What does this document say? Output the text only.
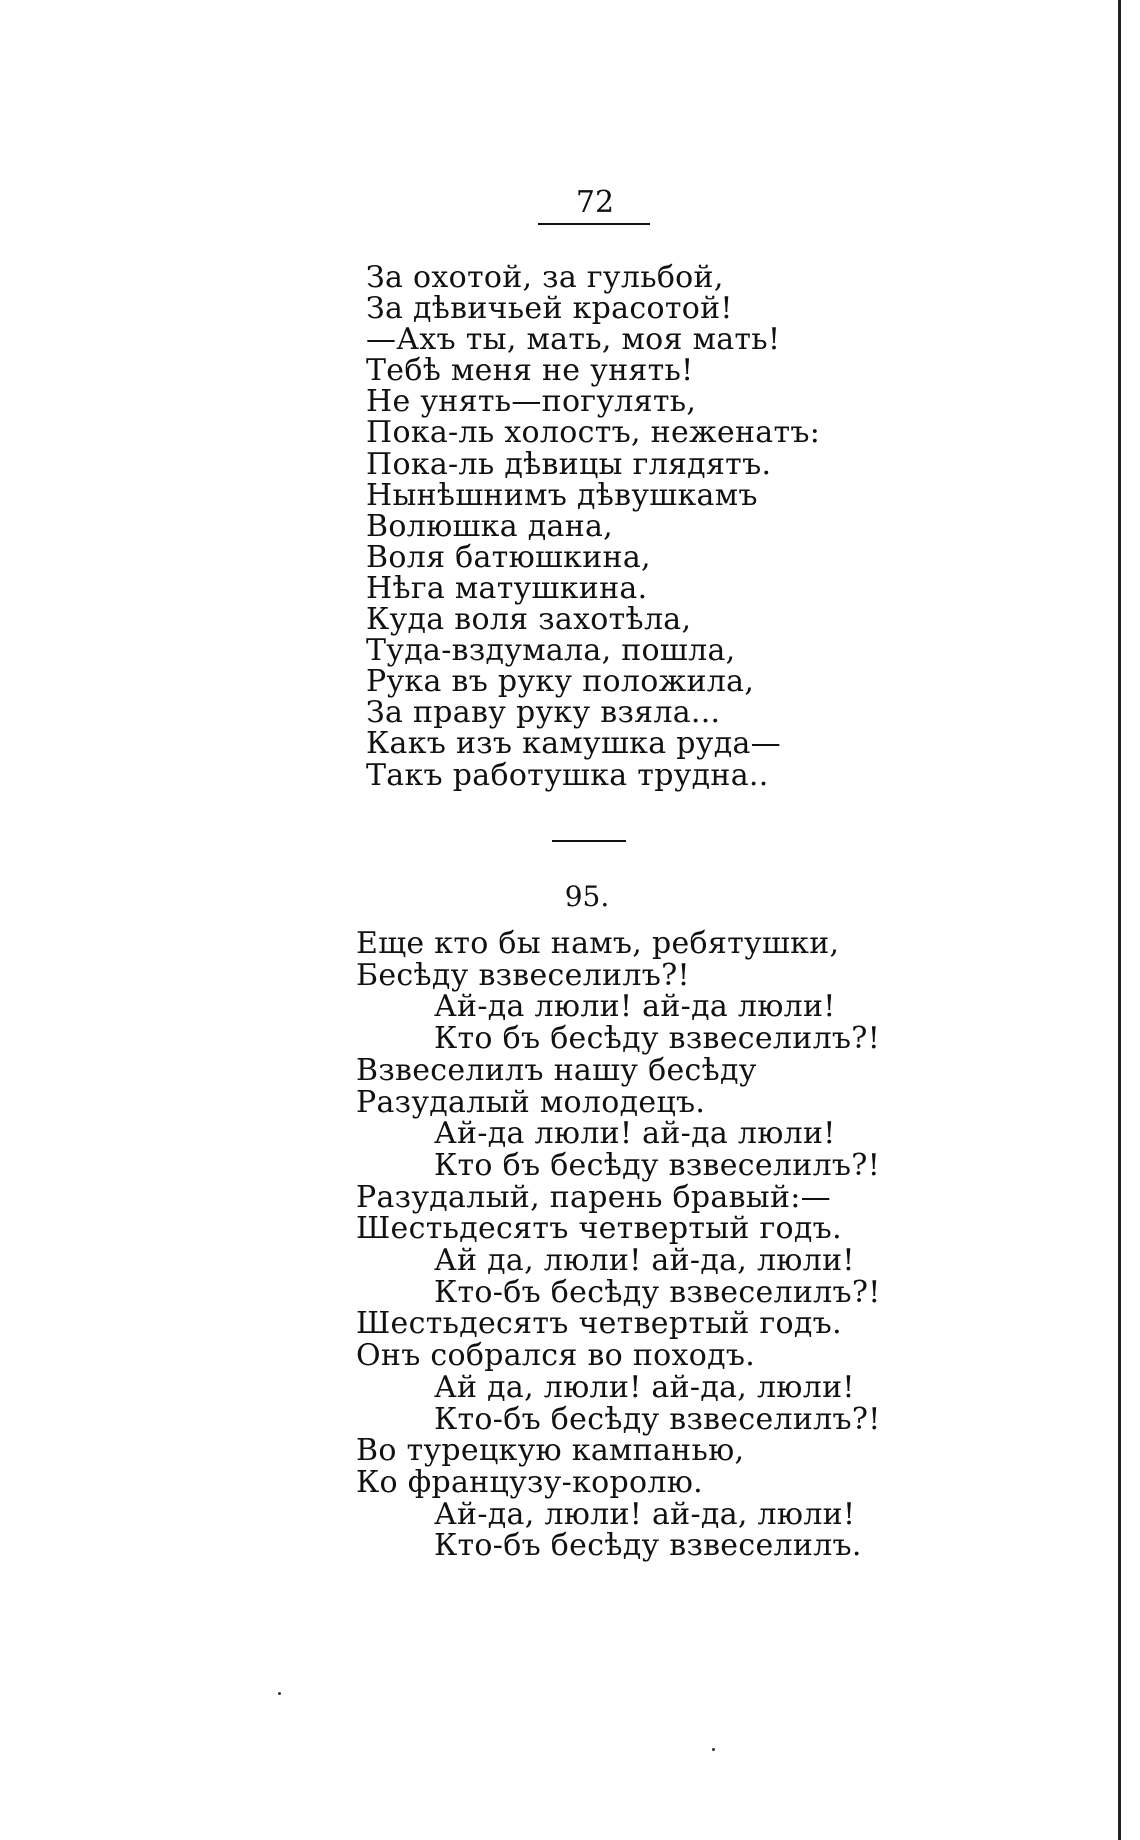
72
За охотой, за гульбой,
За дѣвичьей красотой!
—Ахъ ты, мать, моя мать!
Тебѣ меня не унять!
Не унять—погулять,
Пока-ль холостъ, неженатъ:
Пока-ль дѣвицы глядятъ.
Нынѣшнимъ дѣвушкамъ
Волюшка дана,
Воля батюшкина,
Нѣга матушкина.
Куда воля захотѣла,
Туда-вздумала, пошла,
Рука въ руку положила,
За праву руку взяла...
Какъ изъ камушка руда—
Такъ работушка трудна..
95.
Еще кто бы намъ, ребятушки,
Бесѣду взвеселилъ?!
Ай-да люли! ай-да люли!
Кто бъ бесѣду взвеселилъ?!
Взвеселилъ нашу бесѣду
Разудалый молодецъ.
Ай-да люли! ай-да люли!
Кто бъ бесѣду взвеселилъ?!
Разудалый, парень бравый:—
Шестьдесятъ четвертый годъ.
Ай да, люли! ай-да, люли!
Кто-бъ бесѣду взвеселилъ?!
Шестьдесятъ четвертый годъ.
Онъ собрался во походъ.
Ай да, люли! ай-да, люли!
Кто-бъ бесѣду взвеселилъ?!
Во турецкую кампанью,
Ко французу-королю.
Ай-да, люли! ай-да, люли!
Кто-бъ бесѣду взвеселилъ.
